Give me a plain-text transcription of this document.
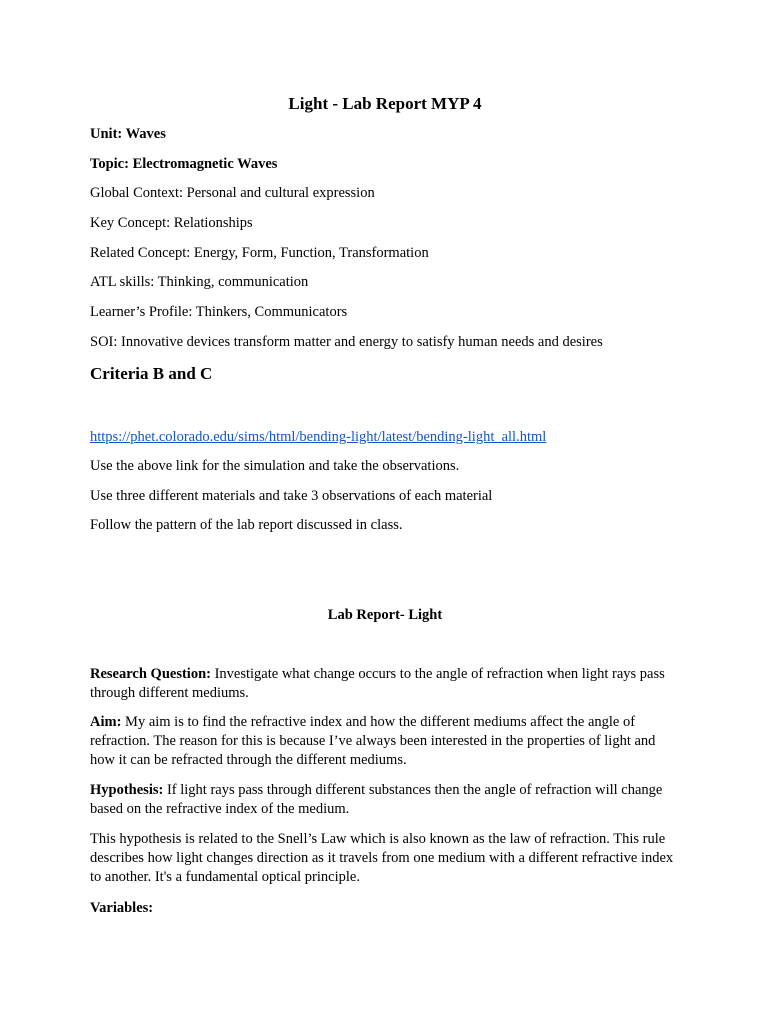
Light - Lab Report MYP 4

Unit: Waves

Topic: Electromagnetic Waves

Global Context: Personal and cultural expression

Key Concept: Relationships

Related Concept: Energy, Form, Function, Transformation

ATL skills: Thinking, communication

Learner’s Profile: Thinkers, Communicators

SOI: Innovative devices transform matter and energy to satisfy human needs and desires

Criteria B and C

https://phet.colorado.edu/sims/html/bending-light/latest/bending-light_all.html

Use the above link for the simulation and take the observations.

Use three different materials and take 3 observations of each material

Follow the pattern of the lab report discussed in class.

Lab Report- Light

Research Question: Investigate what change occurs to the angle of refraction when light rays pass through different mediums.

Aim: My aim is to find the refractive index and how the different mediums affect the angle of refraction. The reason for this is because I’ve always been interested in the properties of light and how it can be refracted through the different mediums.

Hypothesis: If light rays pass through different substances then the angle of refraction will change based on the refractive index of the medium.

This hypothesis is related to the Snell’s Law which is also known as the law of refraction. This rule describes how light changes direction as it travels from one medium with a different refractive index to another. It's a fundamental optical principle.

Variables:
